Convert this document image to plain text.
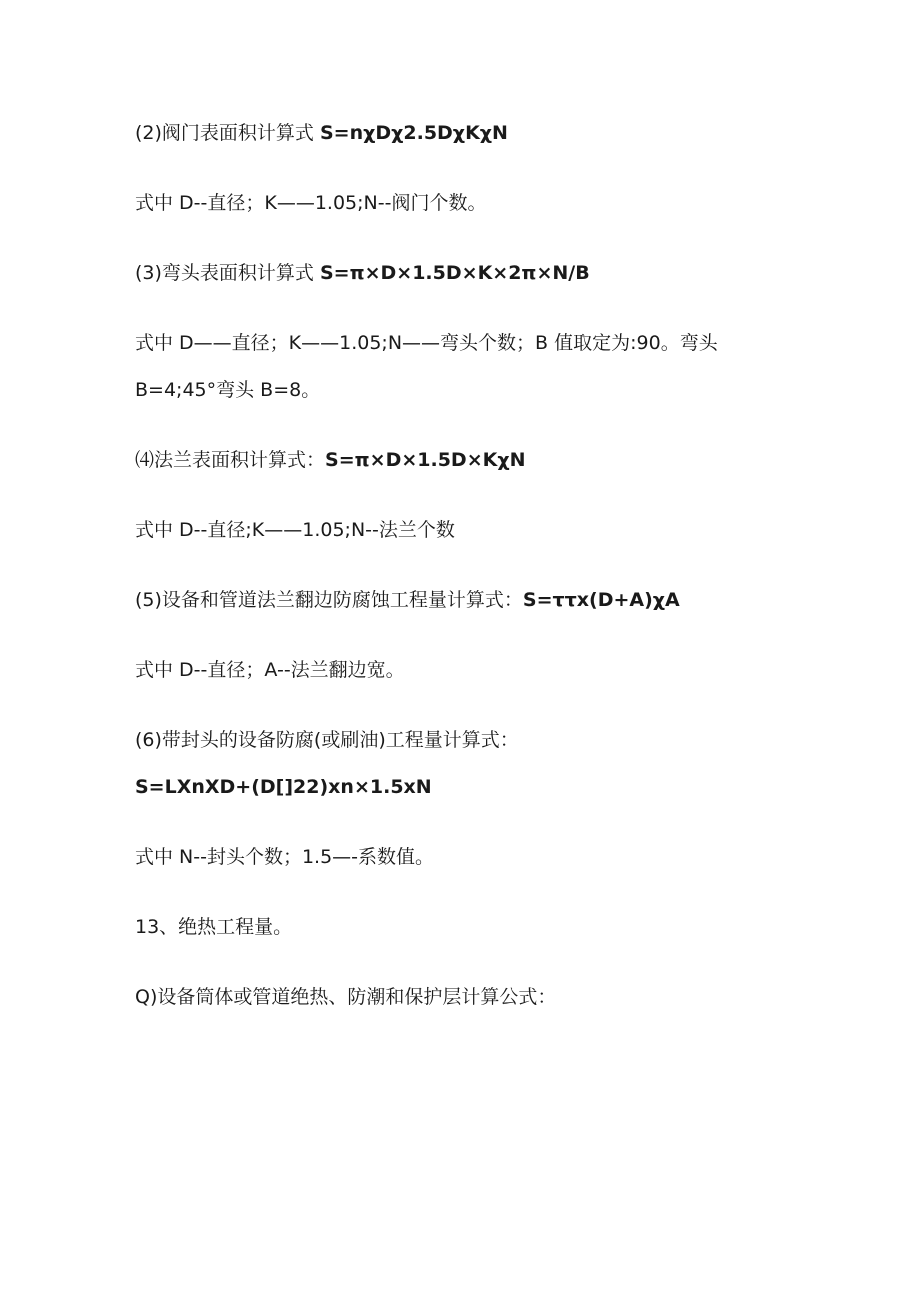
(2)阀门表面积计算式 S=nχDχ2.5DχKχN
式中 D--直径；K——1.05;N--阀门个数。
(3)弯头表面积计算式 S=π×D×1.5D×K×2π×N/B
式中 D——直径；K——1.05;N——弯头个数；B 值取定为:90。弯头
B=4;45°弯头 B=8。
⑷法兰表面积计算式：S=π×D×1.5D×KχN
式中 D--直径;K——1.05;N--法兰个数
(5)设备和管道法兰翻边防腐蚀工程量计算式：S=ττx(D+A)χA
式中 D--直径；A--法兰翻边宽。
(6)带封头的设备防腐(或刷油)工程量计算式：
S=LXnXD+(D[]22)xn×1.5xN
式中 N--封头个数；1.5—-系数值。
13、绝热工程量。
Q)设备筒体或管道绝热、防潮和保护层计算公式：
